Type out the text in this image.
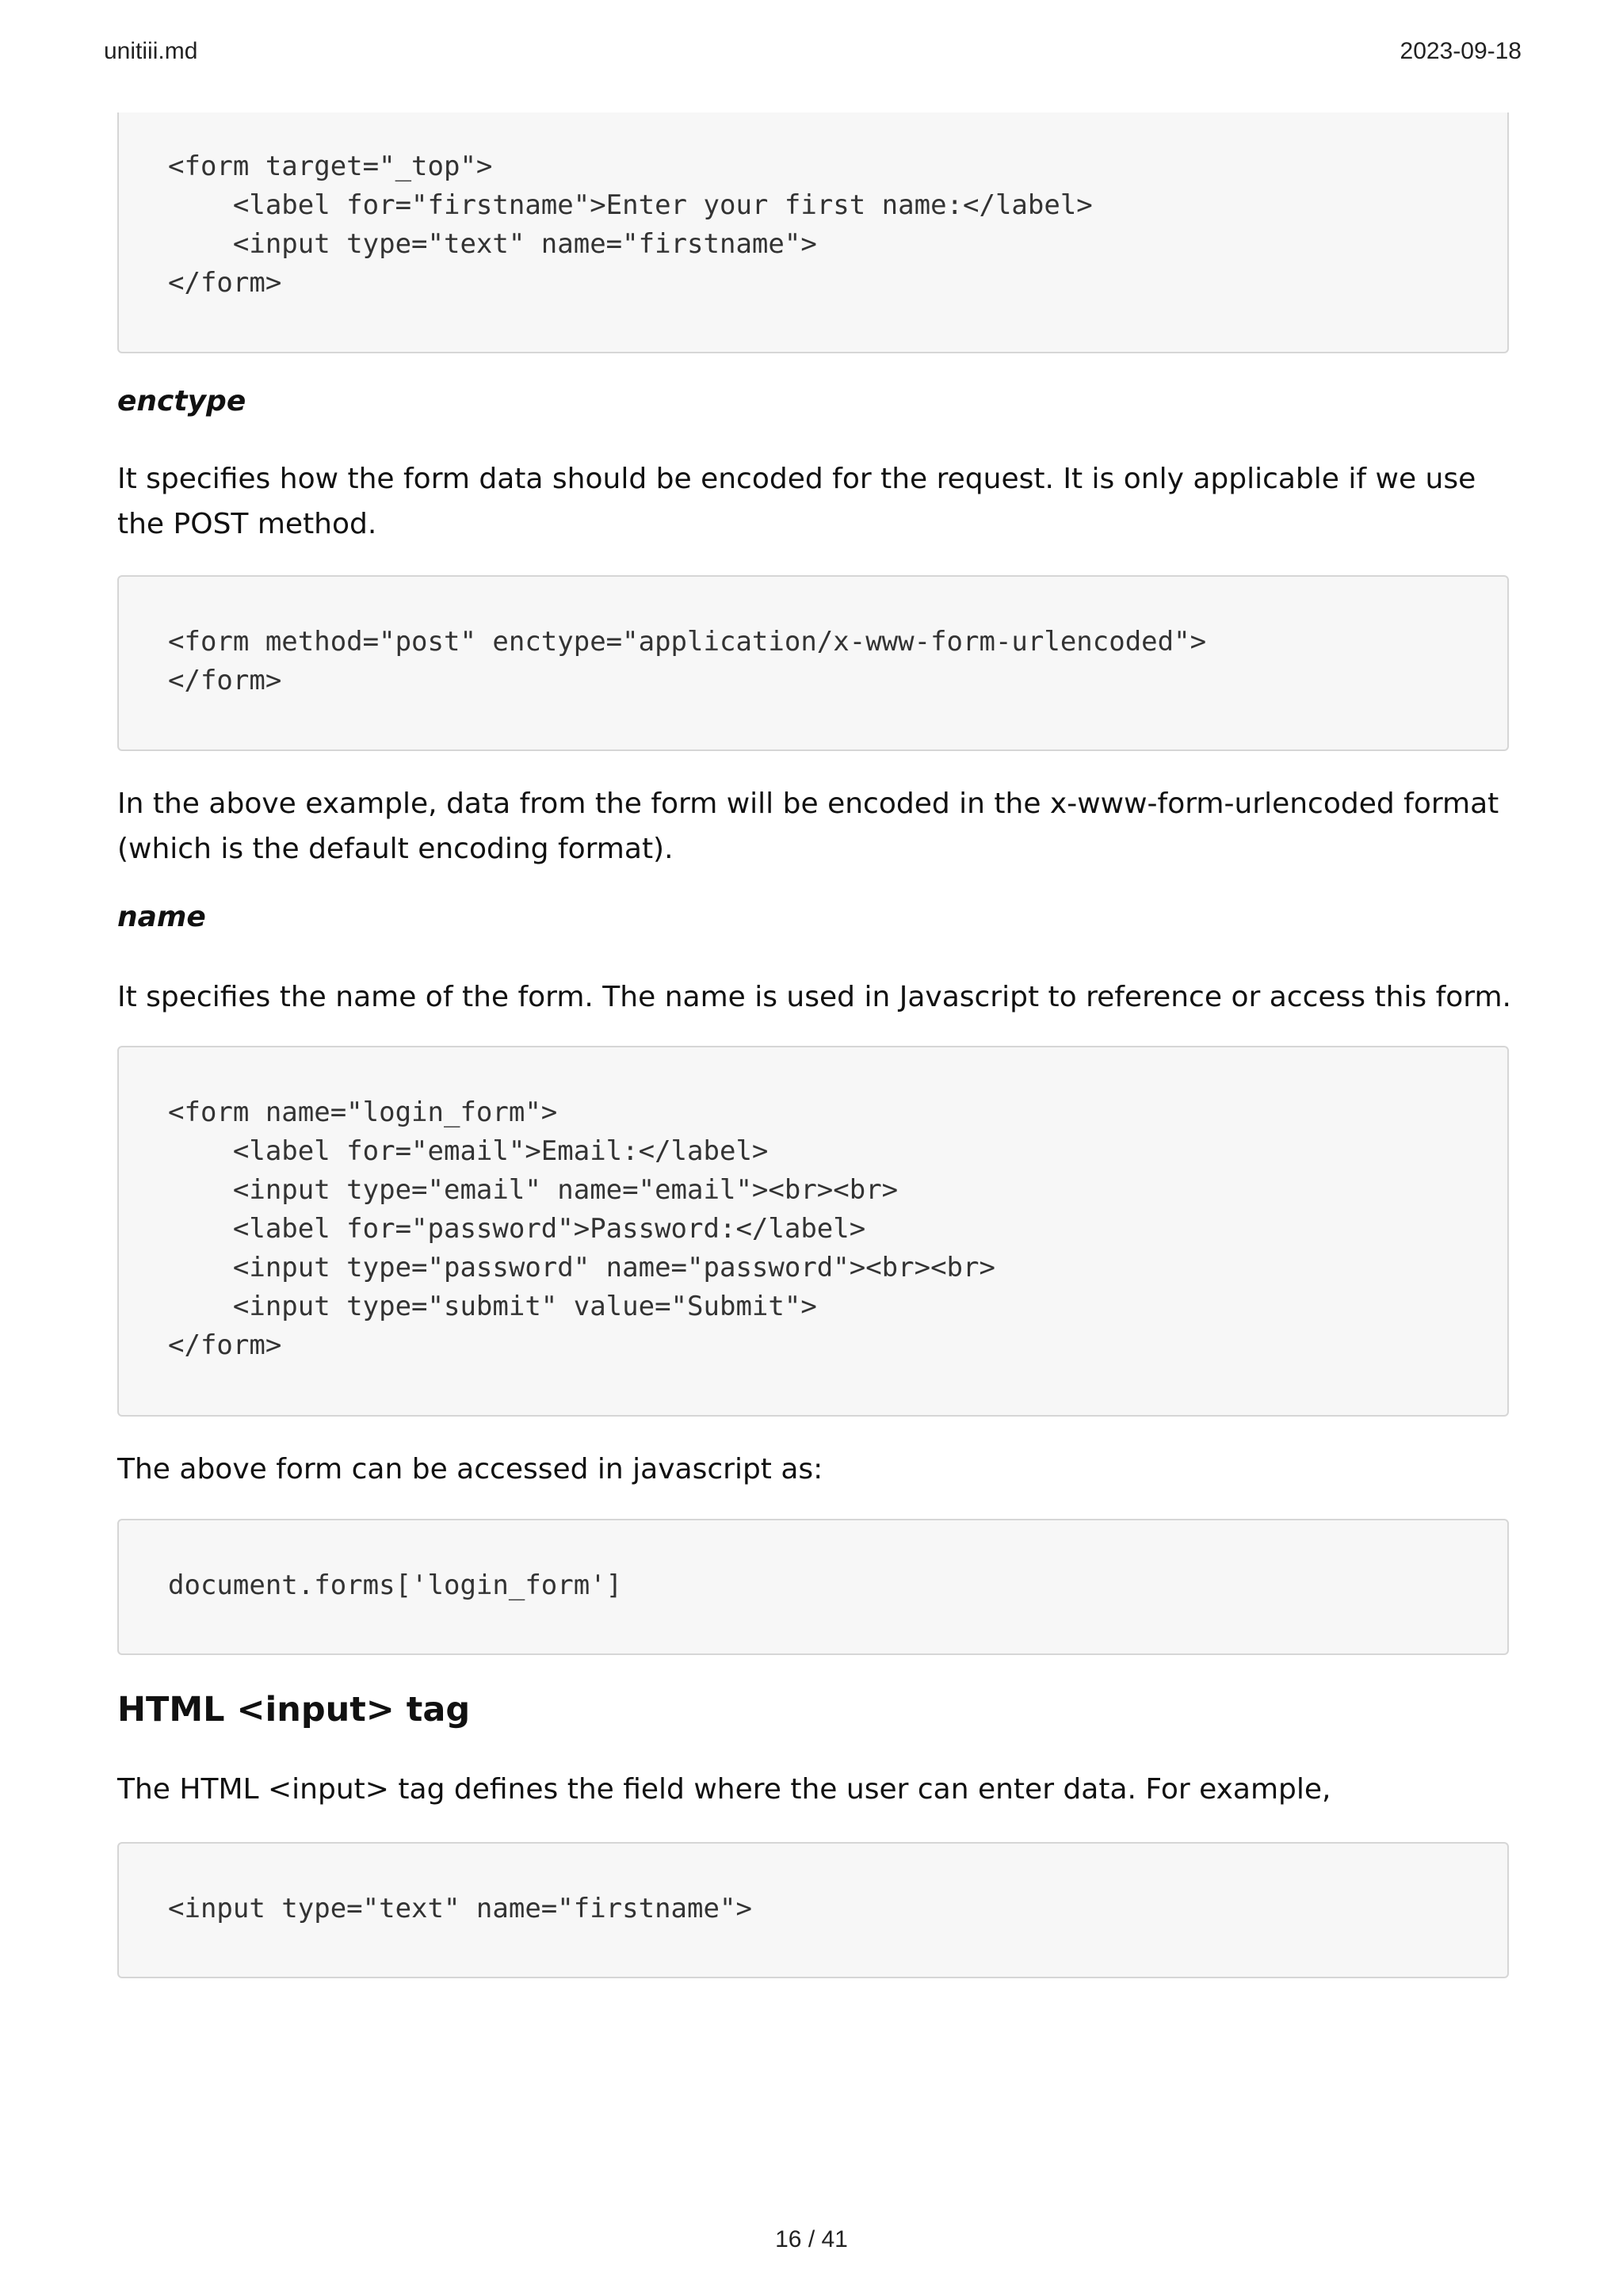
unitiii.md	2023-09-18
<form target="_top">
<label for="firstname">Enter your first name:</label>
<input type="text" name="firstname">
</form>
enctype
It specifies how the form data should be encoded for the request. It is only applicable if we use the POST method.
<form method="post" enctype="application/x-www-form-urlencoded">
</form>
In the above example, data from the form will be encoded in the x-www-form-urlencoded format (which is the default encoding format).
name
It specifies the name of the form. The name is used in Javascript to reference or access this form.
<form name="login_form">
<label for="email">Email:</label>
<input type="email" name="email"><br><br>
<label for="password">Password:</label>
<input type="password" name="password"><br><br>
<input type="submit" value="Submit">
</form>
The above form can be accessed in javascript as:
document.forms['login_form']
HTML <input> tag
The HTML <input> tag defines the field where the user can enter data. For example,
<input type="text" name="firstname">
16 / 41
